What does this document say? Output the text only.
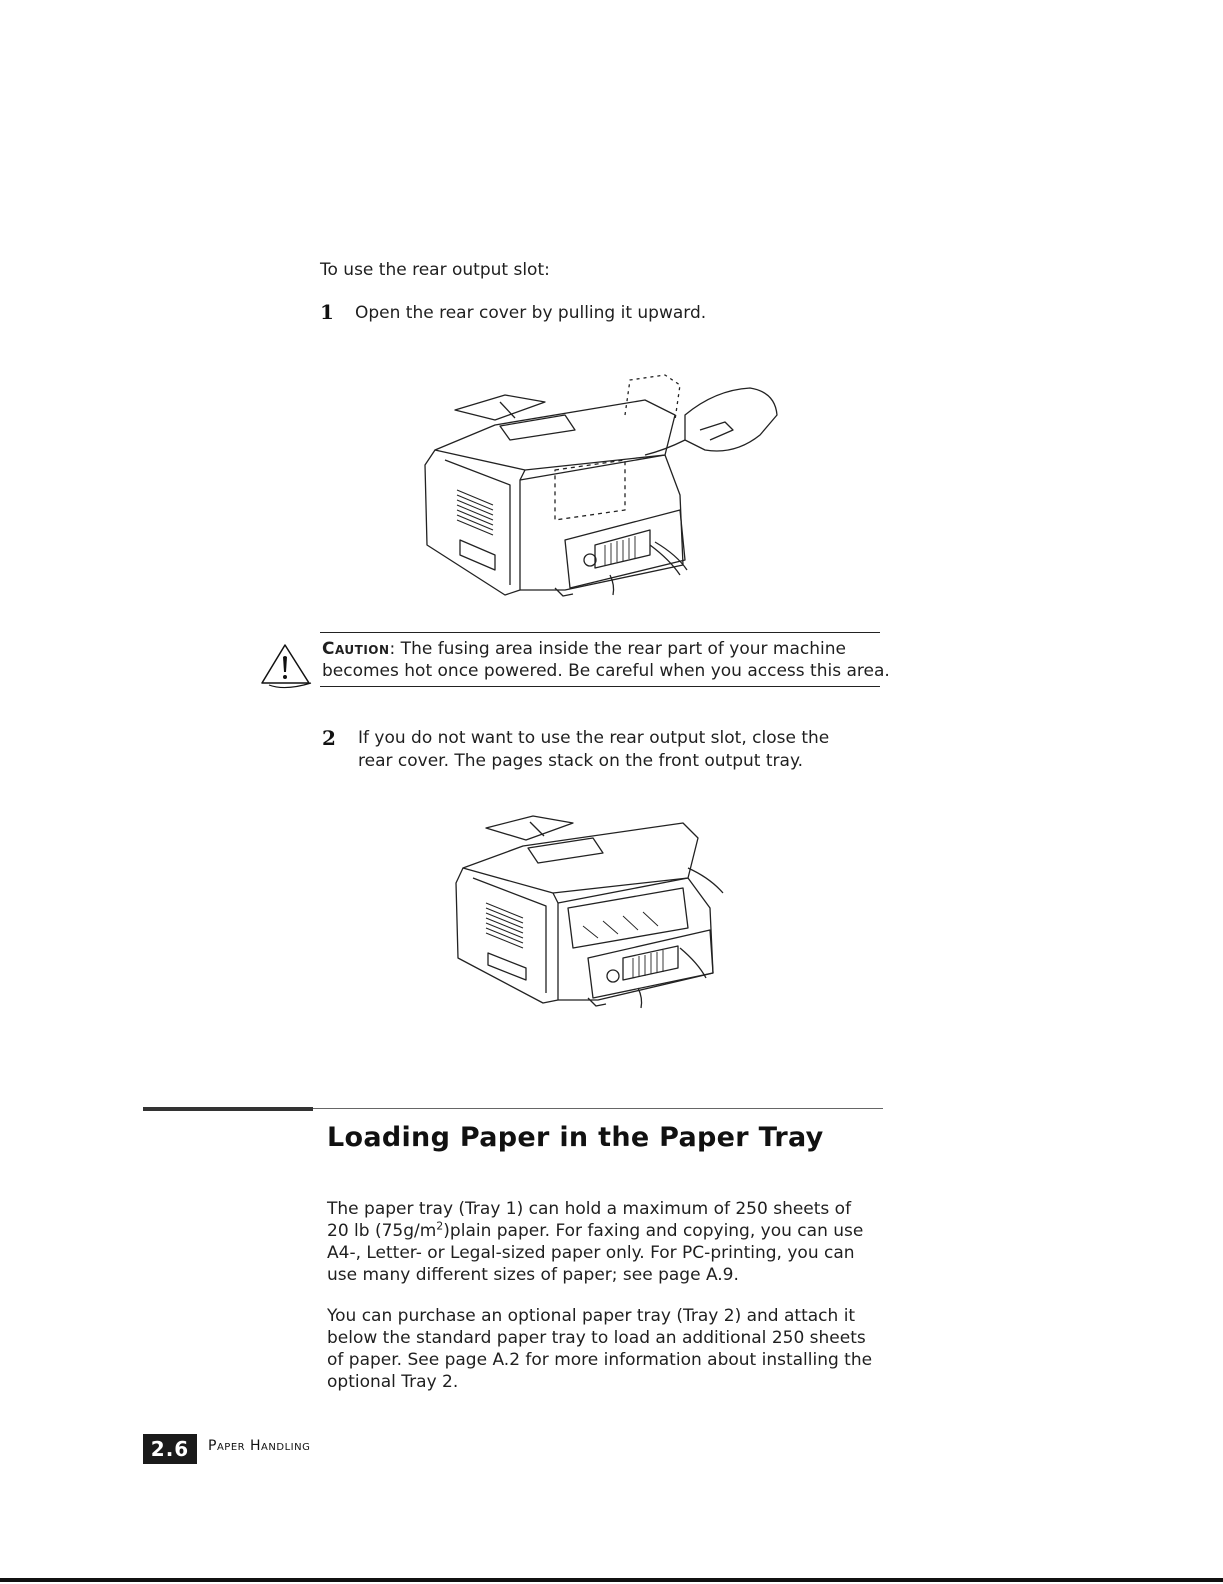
To use the rear output slot:
1 Open the rear cover by pulling it upward.
Caution: The fusing area inside the rear part of your machine
becomes hot once powered. Be careful when you access this area.
2 If you do not want to use the rear output slot, close the
rear cover. The pages stack on the front output tray.
Loading Paper in the Paper Tray
The paper tray (Tray 1) can hold a maximum of 250 sheets of
20 lb $(75g/m^2)plain$ paper. For faxing and copying, you can use
A4-, Letter- or Legal-sized paper only. For PC-printing, you can
use many different sizes of paper; see page A.9.
You can purchase an optional paper tray (Tray 2) and attach it
below the standard paper tray to load an additional 250 sheets
of paper. See page A.2 for more information about installing the
optional Tray 2.
2.6	Paper Handling
